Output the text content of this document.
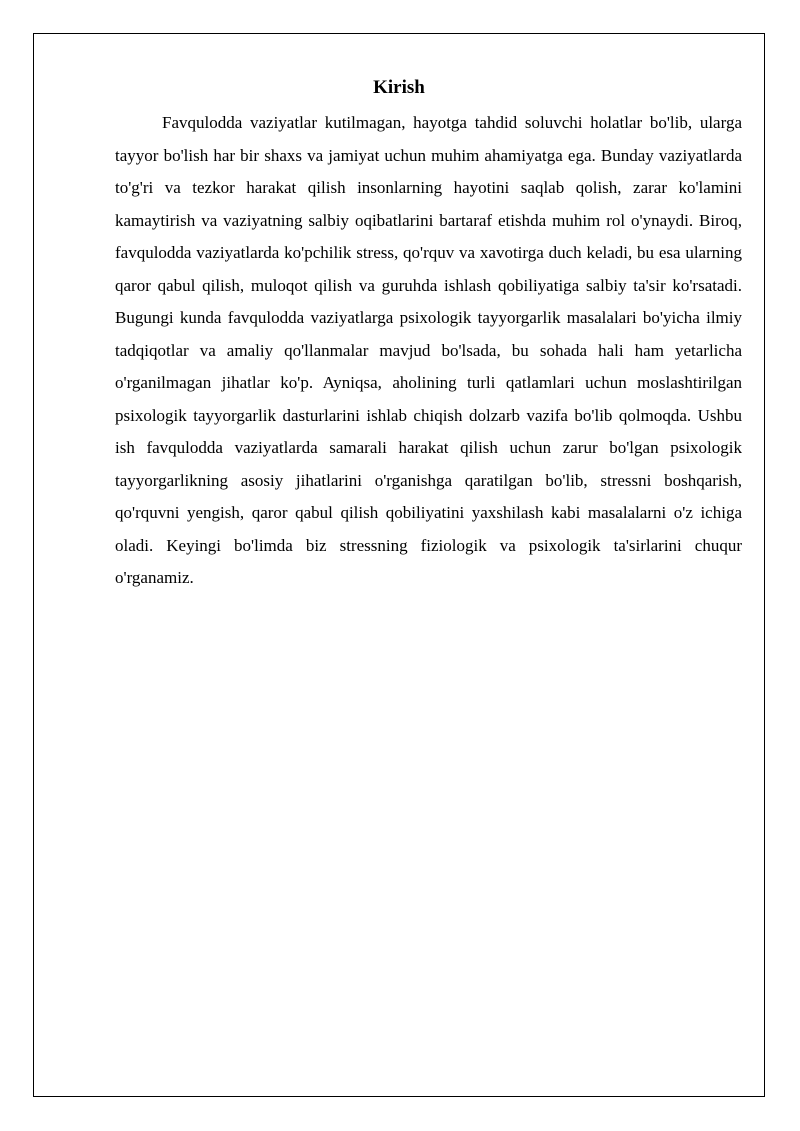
Kirish

Favqulodda vaziyatlar kutilmagan, hayotga tahdid soluvchi holatlar bo'lib, ularga tayyor bo'lish har bir shaxs va jamiyat uchun muhim ahamiyatga ega. Bunday vaziyatlarda to'g'ri va tezkor harakat qilish insonlarning hayotini saqlab qolish, zarar ko'lamini kamaytirish va vaziyatning salbiy oqibatlarini bartaraf etishda muhim rol o'ynaydi. Biroq, favqulodda vaziyatlarda ko'pchilik stress, qo'rquv va xavotirga duch keladi, bu esa ularning qaror qabul qilish, muloqot qilish va guruhda ishlash qobiliyatiga salbiy ta'sir ko'rsatadi. Bugungi kunda favqulodda vaziyatlarga psixologik tayyorgarlik masalalari bo'yicha ilmiy tadqiqotlar va amaliy qo'llanmalar mavjud bo'lsada, bu sohada hali ham yetarlicha o'rganilmagan jihatlar ko'p. Ayniqsa, aholining turli qatlamlari uchun moslashtirilgan psixologik tayyorgarlik dasturlarini ishlab chiqish dolzarb vazifa bo'lib qolmoqda. Ushbu ish favqulodda vaziyatlarda samarali harakat qilish uchun zarur bo'lgan psixologik tayyorgarlikning asosiy jihatlarini o'rganishga qaratilgan bo'lib, stressni boshqarish, qo'rquvni yengish, qaror qabul qilish qobiliyatini yaxshilash kabi masalalarni o'z ichiga oladi. Keyingi bo'limda biz stressning fiziologik va psixologik ta'sirlarini chuqur o'rganamiz.
